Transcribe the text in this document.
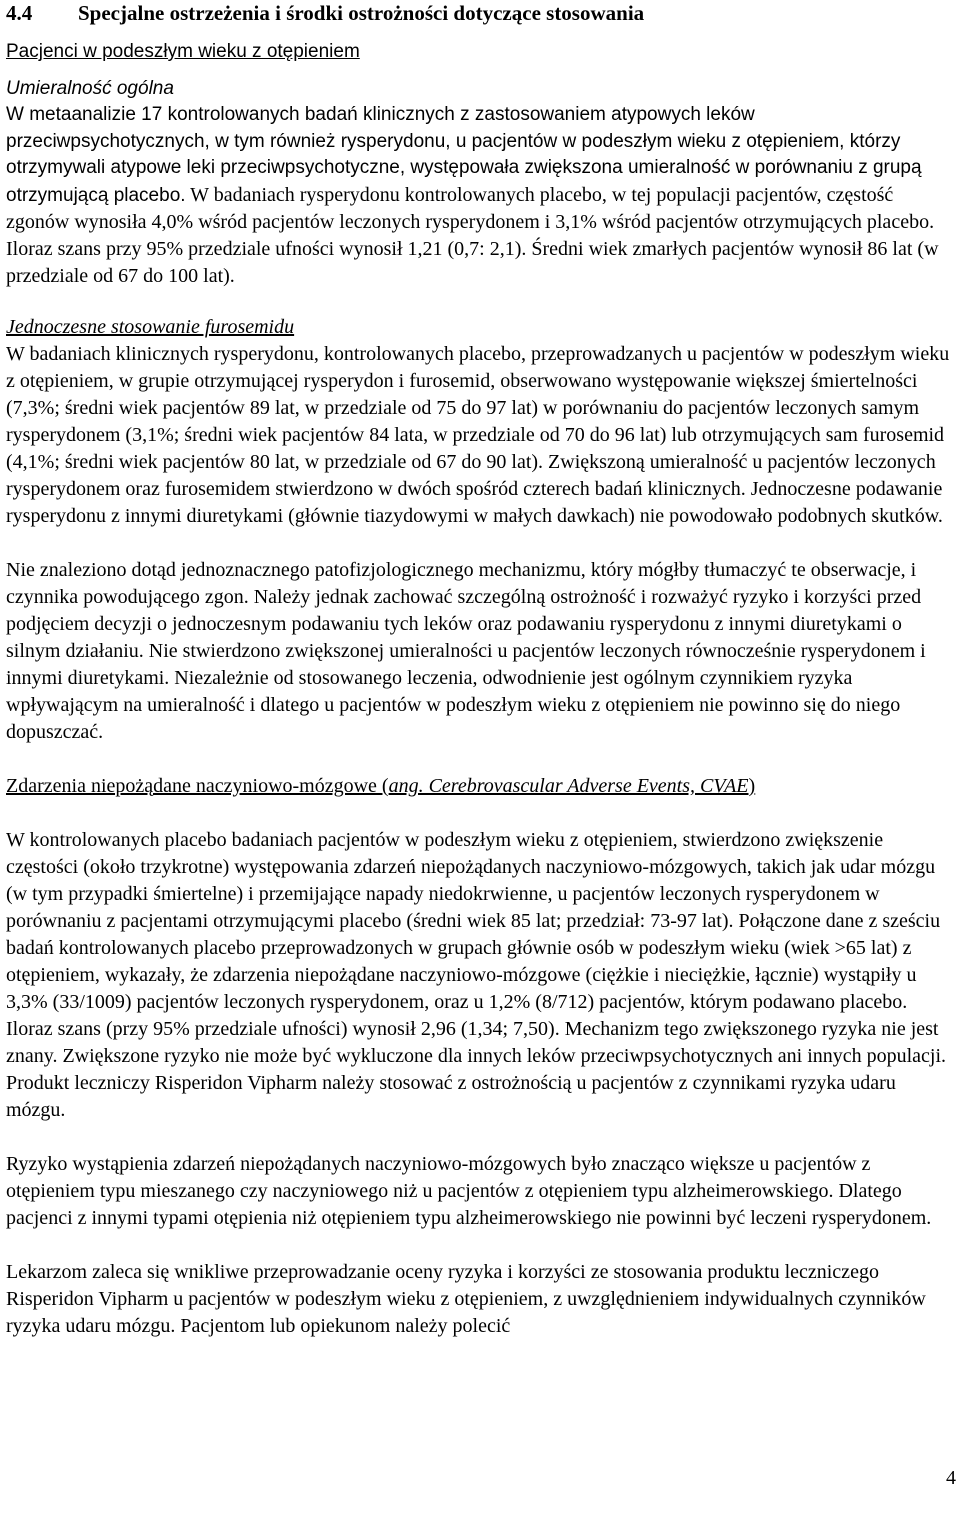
4.4 Specjalne ostrzeżenia i środki ostrożności dotyczące stosowania

Pacjenci w podeszłym wieku z otępieniem

Umieralność ogólna

W metaanalizie 17 kontrolowanych badań klinicznych z zastosowaniem atypowych leków przeciwpsychotycznych, w tym również rysperydonu, u pacjentów w podeszłym wieku z otępieniem, którzy otrzymywali atypowe leki przeciwpsychotyczne, występowała zwiększona umieralność w porównaniu z grupą otrzymującą placebo. W badaniach rysperydonu kontrolowanych placebo, w tej populacji pacjentów, częstość zgonów wynosiła 4,0% wśród pacjentów leczonych rysperydonem i 3,1% wśród pacjentów otrzymujących placebo. Iloraz szans przy 95% przedziale ufności wynosił 1,21 (0,7: 2,1). Średni wiek zmarłych pacjentów wynosił 86 lat (w przedziale od 67 do 100 lat).

Jednoczesne stosowanie furosemidu

W badaniach klinicznych rysperydonu, kontrolowanych placebo, przeprowadzanych u pacjentów w podeszłym wieku z otępieniem, w grupie otrzymującej rysperydon i furosemid, obserwowano występowanie większej śmiertelności (7,3%; średni wiek pacjentów 89 lat, w przedziale od 75 do 97 lat) w porównaniu do pacjentów leczonych samym rysperydonem (3,1%; średni wiek pacjentów 84 lata, w przedziale od 70 do 96 lat) lub otrzymujących sam furosemid (4,1%; średni wiek pacjentów 80 lat, w przedziale od 67 do 90 lat). Zwiększoną umieralność u pacjentów leczonych rysperydonem oraz furosemidem stwierdzono w dwóch spośród czterech badań klinicznych. Jednoczesne podawanie rysperydonu z innymi diuretykami (głównie tiazydowymi w małych dawkach) nie powodowało podobnych skutków.

Nie znaleziono dotąd jednoznacznego patofizjologicznego mechanizmu, który mógłby tłumaczyć te obserwacje, i czynnika powodującego zgon. Należy jednak zachować szczególną ostrożność i rozważyć ryzyko i korzyści przed podjęciem decyzji o jednoczesnym podawaniu tych leków oraz podawaniu rysperydonu z innymi diuretykami o silnym działaniu. Nie stwierdzono zwiększonej umieralności u pacjentów leczonych równocześnie rysperydonem i innymi diuretykami. Niezależnie od stosowanego leczenia, odwodnienie jest ogólnym czynnikiem ryzyka wpływającym na umieralność i dlatego u pacjentów w podeszłym wieku z otępieniem nie powinno się do niego dopuszczać.

Zdarzenia niepożądane naczyniowo-mózgowe (ang. Cerebrovascular Adverse Events, CVAE)

W kontrolowanych placebo badaniach pacjentów w podeszłym wieku z otępieniem, stwierdzono zwiększenie częstości (około trzykrotne) występowania zdarzeń niepożądanych naczyniowo-mózgowych, takich jak udar mózgu (w tym przypadki śmiertelne) i przemijające napady niedokrwienne, u pacjentów leczonych rysperydonem w porównaniu z pacjentami otrzymującymi placebo (średni wiek 85 lat; przedział: 73-97 lat). Połączone dane z sześciu badań kontrolowanych placebo przeprowadzonych w grupach głównie osób w podeszłym wieku (wiek >65 lat) z otępieniem, wykazały, że zdarzenia niepożądane naczyniowo-mózgowe (ciężkie i nieciężkie, łącznie) wystąpiły u 3,3% (33/1009) pacjentów leczonych rysperydonem, oraz u 1,2% (8/712) pacjentów, którym podawano placebo. Iloraz szans (przy 95% przedziale ufności) wynosił 2,96 (1,34; 7,50). Mechanizm tego zwiększonego ryzyka nie jest znany. Zwiększone ryzyko nie może być wykluczone dla innych leków przeciwpsychotycznych ani innych populacji. Produkt leczniczy Risperidon Vipharm należy stosować z ostrożnością u pacjentów z czynnikami ryzyka udaru mózgu.

Ryzyko wystąpienia zdarzeń niepożądanych naczyniowo-mózgowych było znacząco większe u pacjentów z otępieniem typu mieszanego czy naczyniowego niż u pacjentów z otępieniem typu alzheimerowskiego. Dlatego pacjenci z innymi typami otępienia niż otępieniem typu alzheimerowskiego nie powinni być leczeni rysperydonem.

Lekarzom zaleca się wnikliwe przeprowadzanie oceny ryzyka i korzyści ze stosowania produktu leczniczego Risperidon Vipharm u pacjentów w podeszłym wieku z otępieniem, z uwzględnieniem indywidualnych czynników ryzyka udaru mózgu. Pacjentom lub opiekunom należy polecić

4
